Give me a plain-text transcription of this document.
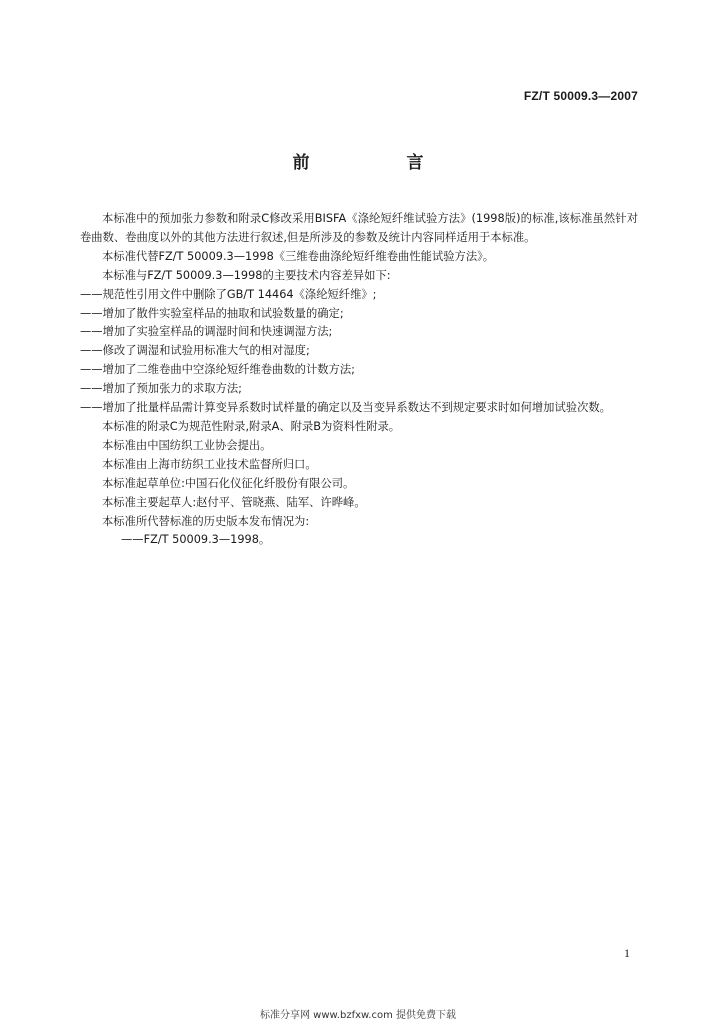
FZ/T 50009.3—2007
前　言

本标准中的预加张力参数和附录C修改采用BISFA《涤纶短纤维试验方法》(1998版)的标准,该标准虽然针对卷曲数、卷曲度以外的其他方法进行叙述,但是所涉及的参数及统计内容同样适用于本标准。

本标准代替FZ/T 50009.3—1998《三维卷曲涤纶短纤维卷曲性能试验方法》。

本标准与FZ/T 50009.3—1998的主要技术内容差异如下:

——规范性引用文件中删除了GB/T 14464《涤纶短纤维》;

——增加了散件实验室样品的抽取和试验数量的确定;

——增加了实验室样品的调湿时间和快速调湿方法;

——修改了调湿和试验用标准大气的相对湿度;

——增加了二维卷曲中空涤纶短纤维卷曲数的计数方法;

——增加了预加张力的求取方法;

——增加了批量样品需计算变异系数时试样量的确定以及当变异系数达不到规定要求时如何增加试验次数。

本标准的附录C为规范性附录,附录A、附录B为资料性附录。

本标准由中国纺织工业协会提出。

本标准由上海市纺织工业技术监督所归口。

本标准起草单位:中国石化仪征化纤股份有限公司。

本标准主要起草人:赵付平、管晓燕、陆军、许晔峰。

本标准所代替标准的历史版本发布情况为:

——FZ/T 50009.3—1998。

1
标准分享网 www.bzfxw.com 提供免费下载
